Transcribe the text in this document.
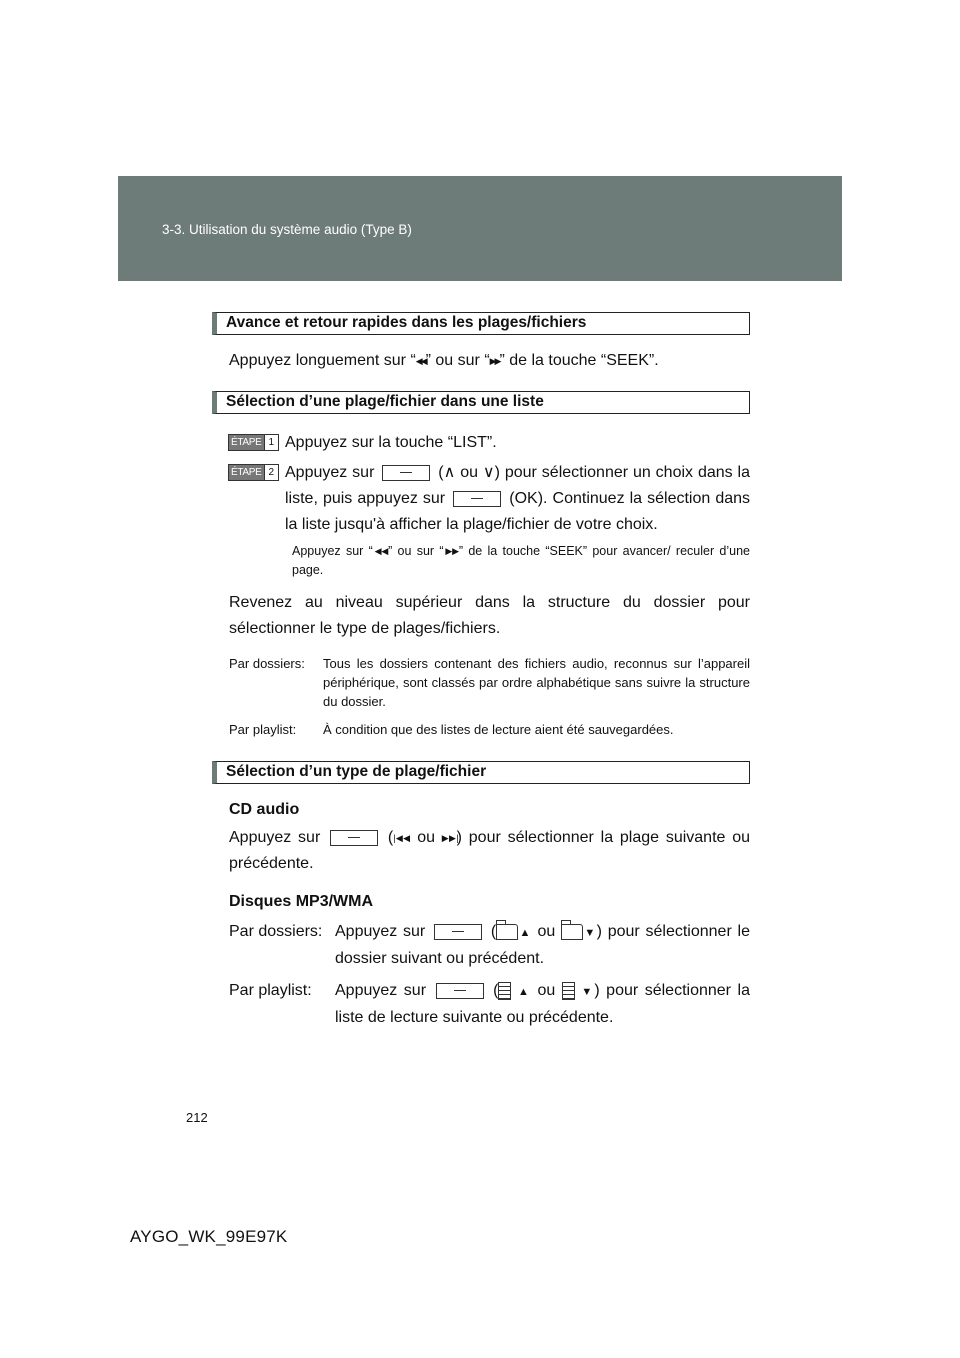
3-3. Utilisation du système audio (Type B)
Avance et retour rapides dans les plages/fichiers
Appuyez longuement sur “◀◀” ou sur “▶▶” de la touche “SEEK”.
Sélection d’une plage/fichier dans une liste
ÉTAPE 1 Appuyez sur la touche “LIST”.
ÉTAPE 2 Appuyez sur	(∧ ou ∨) pour sélectionner un choix dans la liste, puis appuyez sur	(OK). Continuez la sélection dans la liste jusqu'à afficher la plage/fichier de votre choix.
Appuyez sur “◀◀” ou sur “▶▶” de la touche “SEEK” pour avancer/ reculer d’une page.
Revenez au niveau supérieur dans la structure du dossier pour sélectionner le type de plages/fichiers.
Par dossiers:	Tous les dossiers contenant des fichiers audio, reconnus sur l’appareil périphérique, sont classés par ordre alphabétique sans suivre la structure du dossier.
Par playlist:	À condition que des listes de lecture aient été sauvegardées.
Sélection d’un type de plage/fichier
CD audio
Appuyez sur	(|◀◀ ou ▶▶|) pour sélectionner la plage suivante ou précédente.
Disques MP3/WMA
Par dossiers: Appuyez sur	( ▲ ou	▼) pour sélectionner le dossier suivant ou précédent.
Par playlist:	Appuyez sur	( ▲ ou ▼) pour sélectionner la liste de lecture suivante ou précédente.
212
AYGO_WK_99E97K
